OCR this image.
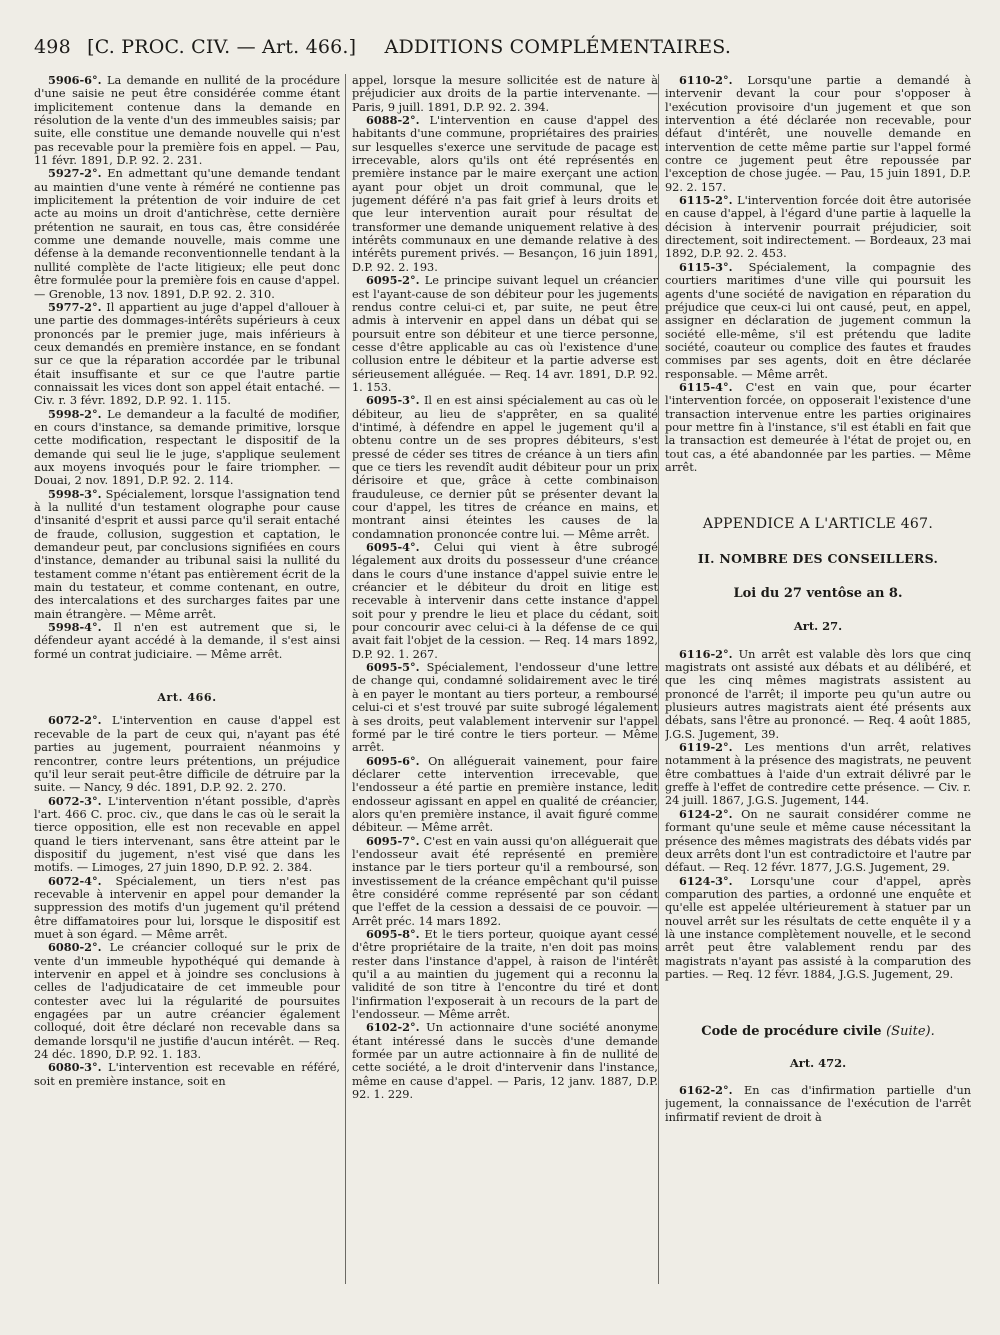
498 [C. PROC. CIV. — Art. 466.] ADDITIONS COMPLÉMENTAIRES.

5906-6°. La demande en nullité de la procédure d'une saisie ne peut être considérée comme étant implicitement contenue dans la demande en résolution de la vente d'un des immeubles saisis; par suite, elle constitue une demande nouvelle qui n'est pas recevable pour la première fois en appel. — Pau, 11 févr. 1891, D.P. 92. 2. 231.

5927-2°. En admettant qu'une demande tendant au maintien d'une vente à réméré ne contienne pas implicitement la prétention de voir induire de cet acte au moins un droit d'antichrèse, cette dernière prétention ne saurait, en tous cas, être considérée comme une demande nouvelle, mais comme une défense à la demande reconventionnelle tendant à la nullité complète de l'acte litigieux; elle peut donc être formulée pour la première fois en cause d'appel. — Grenoble, 13 nov. 1891, D.P. 92. 2. 310.

5977-2°. Il appartient au juge d'appel d'allouer à une partie des dommages-intérêts supérieurs à ceux prononcés par le premier juge, mais inférieurs à ceux demandés en première instance, en se fondant sur ce que la réparation accordée par le tribunal était insuffisante et sur ce que l'autre partie connaissait les vices dont son appel était entaché. — Civ. r. 3 févr. 1892, D.P. 92. 1. 115.

5998-2°. Le demandeur a la faculté de modifier, en cours d'instance, sa demande primitive, lorsque cette modification, respectant le dispositif de la demande qui seul lie le juge, s'applique seulement aux moyens invoqués pour le faire triompher. — Douai, 2 nov. 1891, D.P. 92. 2. 114.

5998-3°. Spécialement, lorsque l'assignation tend à la nullité d'un testament olographe pour cause d'insanité d'esprit et aussi parce qu'il serait entaché de fraude, collusion, suggestion et captation, le demandeur peut, par conclusions signifiées en cours d'instance, demander au tribunal saisi la nullité du testament comme n'étant pas entièrement écrit de la main du testateur, et comme contenant, en outre, des intercalations et des surcharges faites par une main étrangère. — Même arrêt.

5998-4°. Il n'en est autrement que si, le défendeur ayant accédé à la demande, il s'est ainsi formé un contrat judiciaire. — Même arrêt.

Art. 466.

6072-2°. L'intervention en cause d'appel est recevable de la part de ceux qui, n'ayant pas été parties au jugement, pourraient néanmoins y rencontrer, contre leurs prétentions, un préjudice qu'il leur serait peut-être difficile de détruire par la suite. — Nancy, 9 déc. 1891, D.P. 92. 2. 270.

6072-3°. L'intervention n'étant possible, d'après l'art. 466 C. proc. civ., que dans le cas où le serait la tierce opposition, elle est non recevable en appel quand le tiers intervenant, sans être atteint par le dispositif du jugement, n'est visé que dans les motifs. — Limoges, 27 juin 1890, D.P. 92. 2. 384.

6072-4°. Spécialement, un tiers n'est pas recevable à intervenir en appel pour demander la suppression des motifs d'un jugement qu'il prétend être diffamatoires pour lui, lorsque le dispositif est muet à son égard. — Même arrêt.

6080-2°. Le créancier colloqué sur le prix de vente d'un immeuble hypothéqué qui demande à intervenir en appel et à joindre ses conclusions à celles de l'adjudicataire de cet immeuble pour contester avec lui la régularité de poursuites engagées par un autre créancier également colloqué, doit être déclaré non recevable dans sa demande lorsqu'il ne justifie d'aucun intérêt. — Req. 24 déc. 1890, D.P. 92. 1. 183.

6080-3°. L'intervention est recevable en référé, soit en première instance, soit en

appel, lorsque la mesure sollicitée est de nature à préjudicier aux droits de la partie intervenante. — Paris, 9 juill. 1891, D.P. 92. 2. 394.

6088-2°. L'intervention en cause d'appel des habitants d'une commune, propriétaires des prairies sur lesquelles s'exerce une servitude de pacage est irrecevable, alors qu'ils ont été représentés en première instance par le maire exerçant une action ayant pour objet un droit communal, que le jugement déféré n'a pas fait grief à leurs droits et que leur intervention aurait pour résultat de transformer une demande uniquement relative à des intérêts communaux en une demande relative à des intérêts purement privés. — Besançon, 16 juin 1891, D.P. 92. 2. 193.

6095-2°. Le principe suivant lequel un créancier est l'ayant-cause de son débiteur pour les jugements rendus contre celui-ci et, par suite, ne peut être admis à intervenir en appel dans un débat qui se poursuit entre son débiteur et une tierce personne, cesse d'être applicable au cas où l'existence d'une collusion entre le débiteur et la partie adverse est sérieusement alléguée. — Req. 14 avr. 1891, D.P. 92. 1. 153.

6095-3°. Il en est ainsi spécialement au cas où le débiteur, au lieu de s'apprêter, en sa qualité d'intimé, à défendre en appel le jugement qu'il a obtenu contre un de ses propres débiteurs, s'est pressé de céder ses titres de créance à un tiers afin que ce tiers les revendît audit débiteur pour un prix dérisoire et que, grâce à cette combinaison frauduleuse, ce dernier pût se présenter devant la cour d'appel, les titres de créance en mains, et montrant ainsi éteintes les causes de la condamnation prononcée contre lui. — Même arrêt.

6095-4°. Celui qui vient à être subrogé légalement aux droits du possesseur d'une créance dans le cours d'une instance d'appel suivie entre le créancier et le débiteur du droit en litige est recevable à intervenir dans cette instance d'appel soit pour y prendre le lieu et place du cédant, soit pour concourir avec celui-ci à la défense de ce qui avait fait l'objet de la cession. — Req. 14 mars 1892, D.P. 92. 1. 267.

6095-5°. Spécialement, l'endosseur d'une lettre de change qui, condamné solidairement avec le tiré à en payer le montant au tiers porteur, a remboursé celui-ci et s'est trouvé par suite subrogé légalement à ses droits, peut valablement intervenir sur l'appel formé par le tiré contre le tiers porteur. — Même arrêt.

6095-6°. On alléguerait vainement, pour faire déclarer cette intervention irrecevable, que l'endosseur a été partie en première instance, ledit endosseur agissant en appel en qualité de créancier, alors qu'en première instance, il avait figuré comme débiteur. — Même arrêt.

6095-7°. C'est en vain aussi qu'on alléguerait que l'endosseur avait été représenté en première instance par le tiers porteur qu'il a remboursé, son investissement de la créance empêchant qu'il puisse être considéré comme représenté par son cédant que l'effet de la cession a dessaisi de ce pouvoir. — Arrêt préc. 14 mars 1892.

6095-8°. Et le tiers porteur, quoique ayant cessé d'être propriétaire de la traite, n'en doit pas moins rester dans l'instance d'appel, à raison de l'intérêt qu'il a au maintien du jugement qui a reconnu la validité de son titre à l'encontre du tiré et dont l'infirmation l'exposerait à un recours de la part de l'endosseur. — Même arrêt.

6102-2°. Un actionnaire d'une société anonyme étant intéressé dans le succès d'une demande formée par un autre actionnaire à fin de nullité de cette société, a le droit d'intervenir dans l'instance, même en cause d'appel. — Paris, 12 janv. 1887, D.P. 92. 1. 229.

6110-2°. Lorsqu'une partie a demandé à intervenir devant la cour pour s'opposer à l'exécution provisoire d'un jugement et que son intervention a été déclarée non recevable, pour défaut d'intérêt, une nouvelle demande en intervention de cette même partie sur l'appel formé contre ce jugement peut être repoussée par l'exception de chose jugée. — Pau, 15 juin 1891, D.P. 92. 2. 157.

6115-2°. L'intervention forcée doit être autorisée en cause d'appel, à l'égard d'une partie à laquelle la décision à intervenir pourrait préjudicier, soit directement, soit indirectement. — Bordeaux, 23 mai 1892, D.P. 92. 2. 453.

6115-3°. Spécialement, la compagnie des courtiers maritimes d'une ville qui poursuit les agents d'une société de navigation en réparation du préjudice que ceux-ci lui ont causé, peut, en appel, assigner en déclaration de jugement commun la société elle-même, s'il est prétendu que ladite société, coauteur ou complice des fautes et fraudes commises par ses agents, doit en être déclarée responsable. — Même arrêt.

6115-4°. C'est en vain que, pour écarter l'intervention forcée, on opposerait l'existence d'une transaction intervenue entre les parties originaires pour mettre fin à l'instance, s'il est établi en fait que la transaction est demeurée à l'état de projet ou, en tout cas, a été abandonnée par les parties. — Même arrêt.

APPENDICE A L'ARTICLE 467.

II. NOMBRE DES CONSEILLERS.

Loi du 27 ventôse an 8.

Art. 27.

6116-2°. Un arrêt est valable dès lors que cinq magistrats ont assisté aux débats et au délibéré, et que les cinq mêmes magistrats assistent au prononcé de l'arrêt; il importe peu qu'un autre ou plusieurs autres magistrats aient été présents aux débats, sans l'être au prononcé. — Req. 4 août 1885, J.G.S. Jugement, 39.

6119-2°. Les mentions d'un arrêt, relatives notamment à la présence des magistrats, ne peuvent être combattues à l'aide d'un extrait délivré par le greffe à l'effet de contredire cette présence. — Civ. r. 24 juill. 1867, J.G.S. Jugement, 144.

6124-2°. On ne saurait considérer comme ne formant qu'une seule et même cause nécessitant la présence des mêmes magistrats des débats vidés par deux arrêts dont l'un est contradictoire et l'autre par défaut. — Req. 12 févr. 1877, J.G.S. Jugement, 29.

6124-3°. Lorsqu'une cour d'appel, après comparution des parties, a ordonné une enquête et qu'elle est appelée ultérieurement à statuer par un nouvel arrêt sur les résultats de cette enquête il y a là une instance complètement nouvelle, et le second arrêt peut être valablement rendu par des magistrats n'ayant pas assisté à la comparution des parties. — Req. 12 févr. 1884, J.G.S. Jugement, 29.

Code de procédure civile (Suite).

Art. 472.

6162-2°. En cas d'infirmation partielle d'un jugement, la connaissance de l'exécution de l'arrêt infirmatif revient de droit à
